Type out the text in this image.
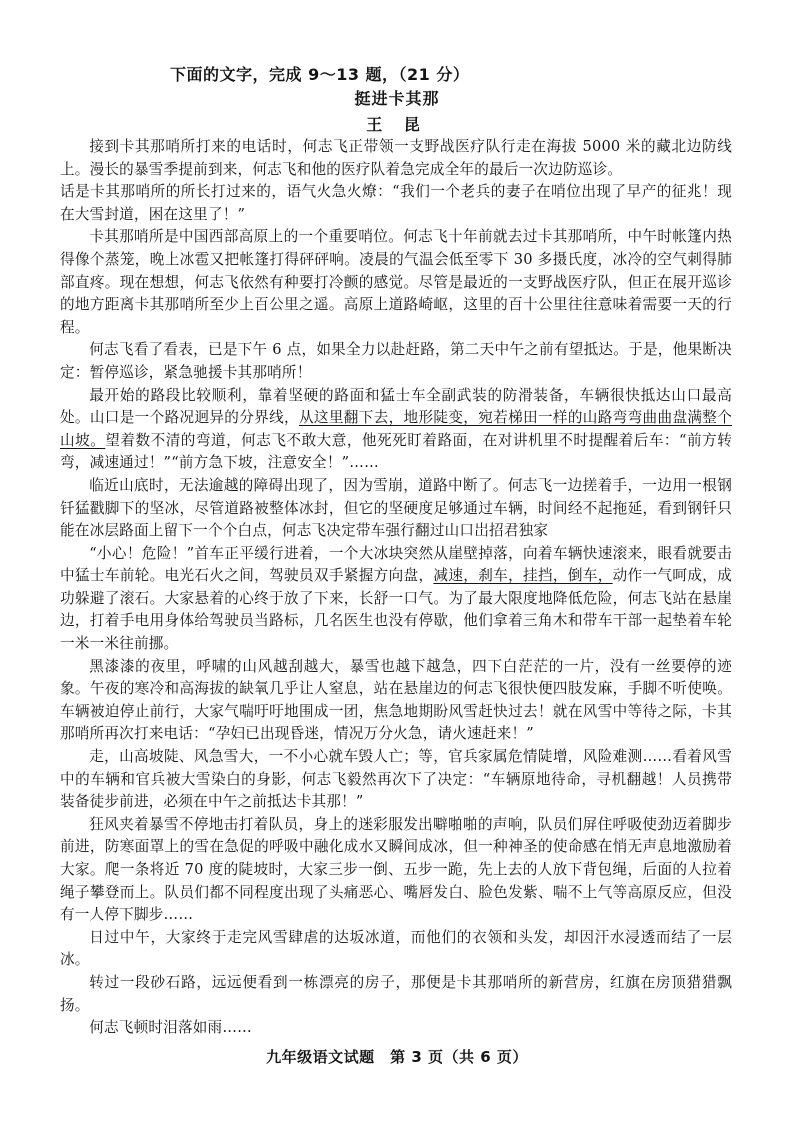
下面的文字，完成 9～13 题，（21 分）
挺进卡其那
王 昆

接到卡其那哨所打来的电话时，何志飞正带领一支野战医疗队行走在海拔 5000 米的藏北边防线上。漫长的暴雪季提前到来，何志飞和他的医疗队着急完成全年的最后一次边防巡诊。

话是卡其那哨所的所长打过来的，语气火急火燎：“我们一个老兵的妻子在哨位出现了早产的征兆！现在大雪封道，困在这里了！”

卡其那哨所是中国西部高原上的一个重要哨位。何志飞十年前就去过卡其那哨所，中午时帐篷内热得像个蒸笼，晚上冰雹又把帐篷打得砰砰响。凌晨的气温会低至零下 30 多摄氏度，冰冷的空气刺得肺部直疼。现在想想，何志飞依然有种要打冷颤的感觉。尽管是最近的一支野战医疗队，但正在展开巡诊的地方距离卡其那哨所至少上百公里之遥。高原上道路崎岖，这里的百十公里往往意味着需要一天的行程。

何志飞看了看表，已是下午 6 点，如果全力以赴赶路，第二天中午之前有望抵达。于是，他果断决定：暂停巡诊，紧急驰援卡其那哨所！

最开始的路段比较顺利，靠着坚硬的路面和猛士车全副武装的防滑装备，车辆很快抵达山口最高处。山口是一个路况迥异的分界线，从这里翻下去，地形陡变，宛若梯田一样的山路弯弯曲曲盘满整个山坡。望着数不清的弯道，何志飞不敢大意，他死死盯着路面，在对讲机里不时提醒着后车：“前方转弯，减速通过！”“前方急下坡，注意安全！”……

临近山底时，无法逾越的障碍出现了，因为雪崩，道路中断了。何志飞一边搓着手，一边用一根钢钎猛戳脚下的坚冰，尽管道路被整体冰封，但它的坚硬度足够通过车辆，时间经不起拖延，看到钢钎只能在冰层路面上留下一个个白点，何志飞决定带车强行翻过山口岀招君独家

“小心！危险！”首车正平缓行进着，一个大冰块突然从崖壁掉落，向着车辆快速滚来，眼看就要击中猛士车前轮。电光石火之间，驾驶员双手紧握方向盘，减速，刹车，挂挡，倒车，动作一气呵成，成功躲避了滚石。大家悬着的心终于放了下来，长舒一口气。为了最大限度地降低危险，何志飞站在悬崖边，打着手电用身体给驾驶员当路标，几名医生也没有停歇，他们拿着三角木和带车干部一起垫着车轮一米一米往前挪。

黑漆漆的夜里，呼啸的山风越刮越大，暴雪也越下越急，四下白茫茫的一片，没有一丝要停的迹象。午夜的寒冷和高海拔的缺氧几乎让人窒息，站在悬崖边的何志飞很快便四肢发麻，手脚不听使唤。车辆被迫停止前行，大家气喘吁吁地围成一团，焦急地期盼风雪赶快过去！就在风雪中等待之际，卡其那哨所再次打来电话：“孕妇已出现昏迷，情况万分火急，请火速赶来！”

走，山高坡陡、风急雪大，一不小心就车毁人亡；等，官兵家属危情陡增，风险难测……看着风雪中的车辆和官兵被大雪染白的身影，何志飞毅然再次下了决定：“车辆原地待命，寻机翻越！人员携带装备徒步前进，必须在中午之前抵达卡其那！”

狂风夹着暴雪不停地击打着队员，身上的迷彩服发出噼啪啪的声响，队员们屏住呼吸使劲迈着脚步前进，防寒面罩上的雪在急促的呼吸中融化成水又瞬间成冰，但一种神圣的使命感在悄无声息地激励着大家。爬一条将近 70 度的陡坡时，大家三步一倒、五步一跪，先上去的人放下背包绳，后面的人拉着绳子攀登而上。队员们都不同程度出现了头痛恶心、嘴唇发白、脸色发紫、喘不上气等高原反应，但没有一人停下脚步……

日过中午，大家终于走完风雪肆虐的达坂冰道，而他们的衣领和头发，却因汗水浸透而结了一层冰。

转过一段砂石路，远远便看到一栋漂亮的房子，那便是卡其那哨所的新营房，红旗在房顶猎猎飘扬。

何志飞顿时泪落如雨……

九年级语文试题　第 3 页（共 6 页）
